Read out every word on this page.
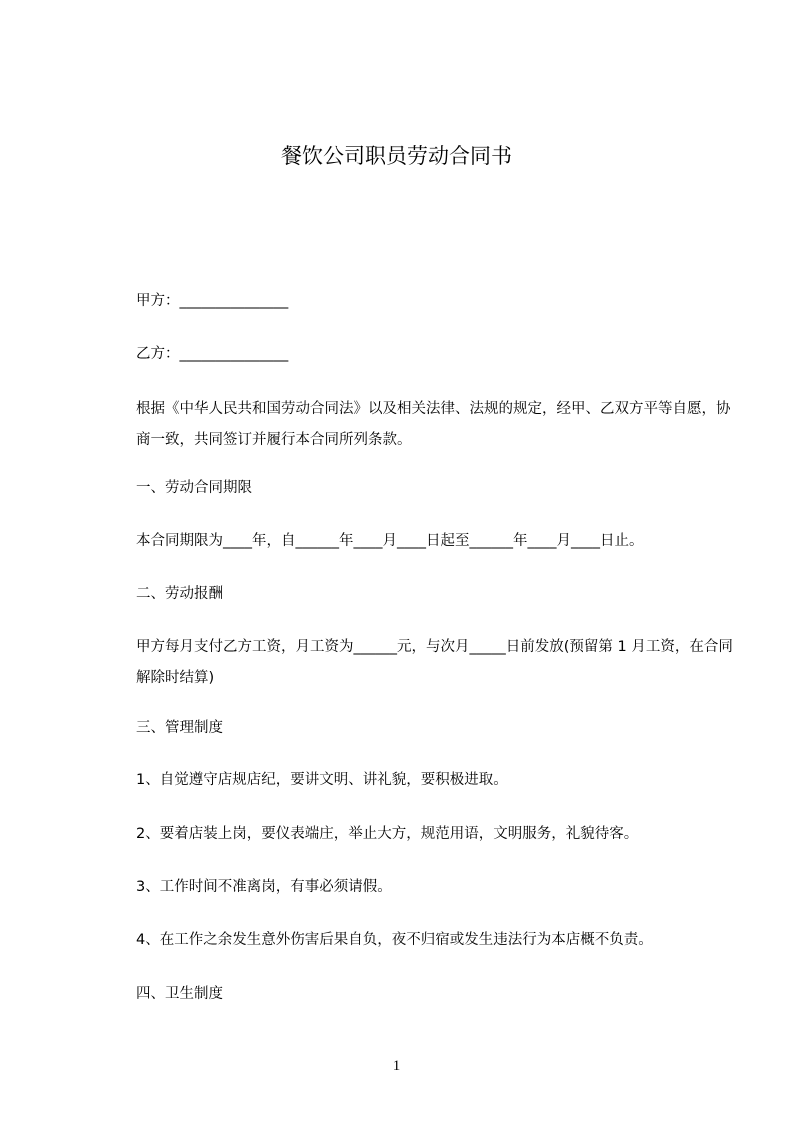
餐饮公司职员劳动合同书
甲方：_______________
乙方：_______________
根据《中华人民共和国劳动合同法》以及相关法律、法规的规定，经甲、乙双方平等自愿，协商一致，共同签订并履行本合同所列条款。
一、劳动合同期限
本合同期限为____年，自______年____月____日起至______年____月____日止。
二、劳动报酬
甲方每月支付乙方工资，月工资为______元，与次月_____日前发放(预留第 1 月工资，在合同解除时结算)
三、管理制度
1、自觉遵守店规店纪，要讲文明、讲礼貌，要积极进取。
2、要着店装上岗，要仪表端庄，举止大方，规范用语，文明服务，礼貌待客。
3、工作时间不准离岗，有事必须请假。
4、在工作之余发生意外伤害后果自负，夜不归宿或发生违法行为本店概不负责。
四、卫生制度
1
